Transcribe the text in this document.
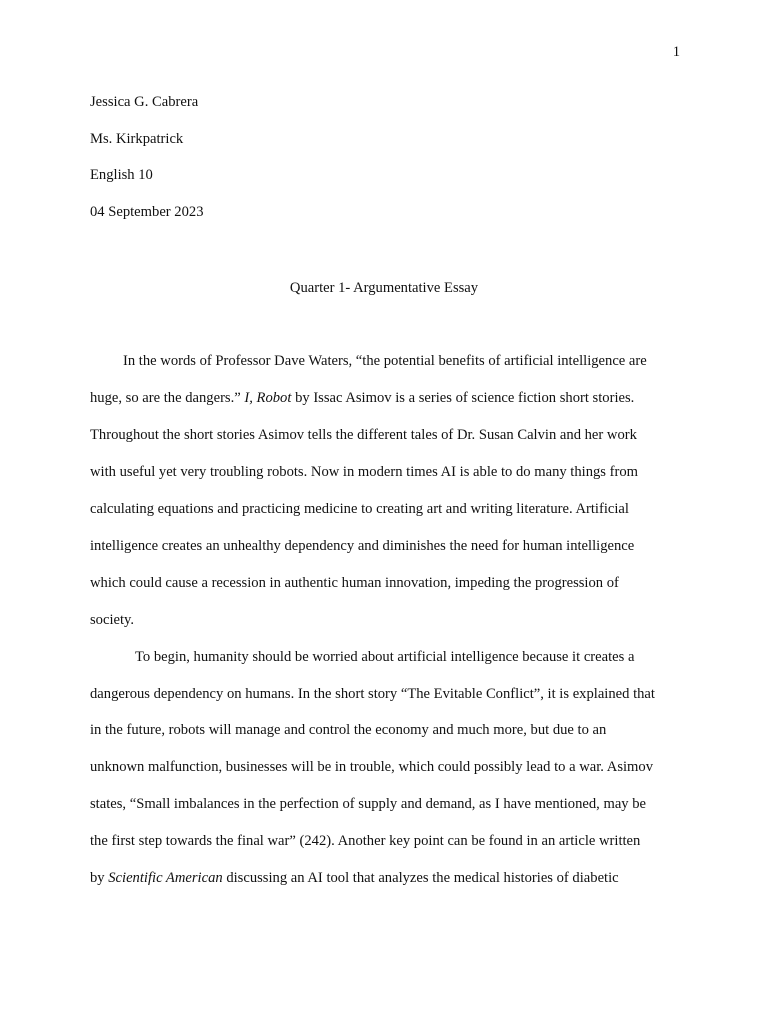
1
Jessica G. Cabrera
Ms. Kirkpatrick
English 10
04 September 2023
Quarter 1- Argumentative Essay
In the words of Professor Dave Waters, “the potential benefits of artificial intelligence are
huge, so are the dangers.” I, Robot by Issac Asimov is a series of science fiction short stories.
Throughout the short stories Asimov tells the different tales of Dr. Susan Calvin and her work
with useful yet very troubling robots. Now in modern times AI is able to do many things from
calculating equations and practicing medicine to creating art and writing literature. Artificial
intelligence creates an unhealthy dependency and diminishes the need for human intelligence
which could cause a recession in authentic human innovation, impeding the progression of
society.
To begin, humanity should be worried about artificial intelligence because it creates a
dangerous dependency on humans. In the short story “The Evitable Conflict”, it is explained that
in the future, robots will manage and control the economy and much more, but due to an
unknown malfunction, businesses will be in trouble, which could possibly lead to a war. Asimov
states, “Small imbalances in the perfection of supply and demand, as I have mentioned, may be
the first step towards the final war” (242). Another key point can be found in an article written
by Scientific American discussing an AI tool that analyzes the medical histories of diabetic
